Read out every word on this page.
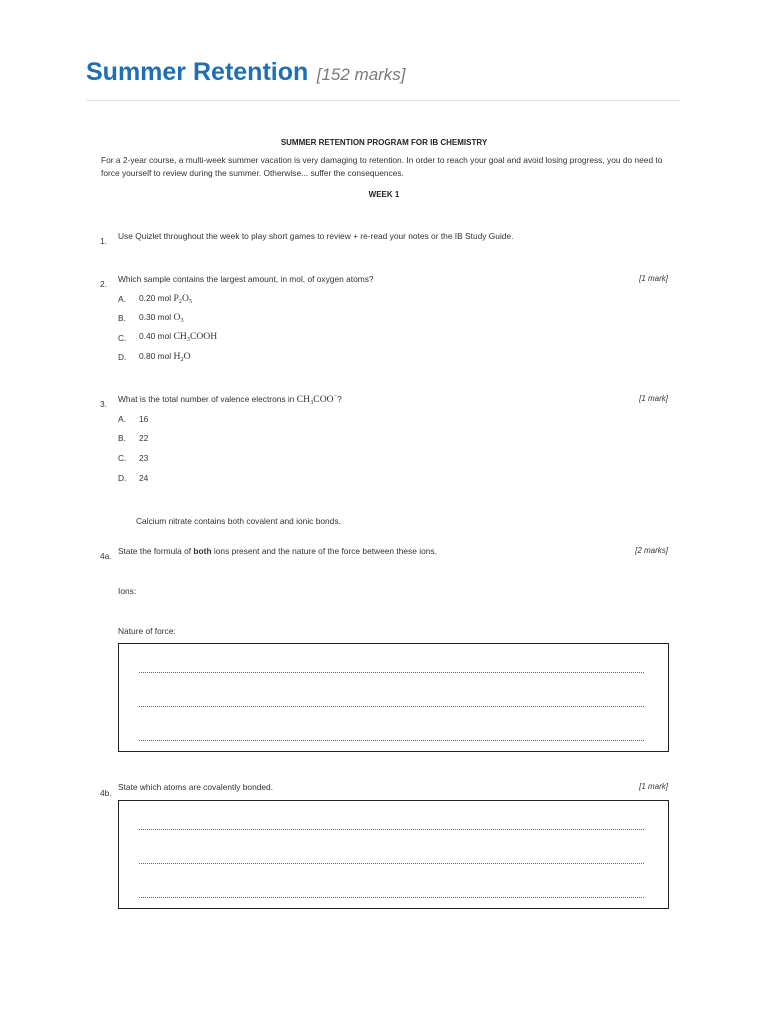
Summer Retention [152 marks]
SUMMER RETENTION PROGRAM FOR IB CHEMISTRY
For a 2-year course, a multi-week summer vacation is very damaging to retention. In order to reach your goal and avoid losing progress, you do need to force yourself to review during the summer. Otherwise... suffer the consequences.
WEEK 1
1. Use Quizlet throughout the week to play short games to review + re-read your notes or the IB Study Guide.
2. Which sample contains the largest amount, in mol, of oxygen atoms?	[1 mark]
A. 0.20 mol $P_2O_5$
B. 0.30 mol $O_3$
C. 0.40 mol $CH_3COOH$
D. 0.80 mol $H_2O$
3. What is the total number of valence electrons in $CH_3COO^-$?	[1 mark]
A. 16
B. 22
C. 23
D. 24
Calcium nitrate contains both covalent and ionic bonds.
4a. State the formula of both ions present and the nature of the force between these ions.	[2 marks]
Ions:
Nature of force:
4b.
State which atoms are covalently bonded.	[1 mark]
